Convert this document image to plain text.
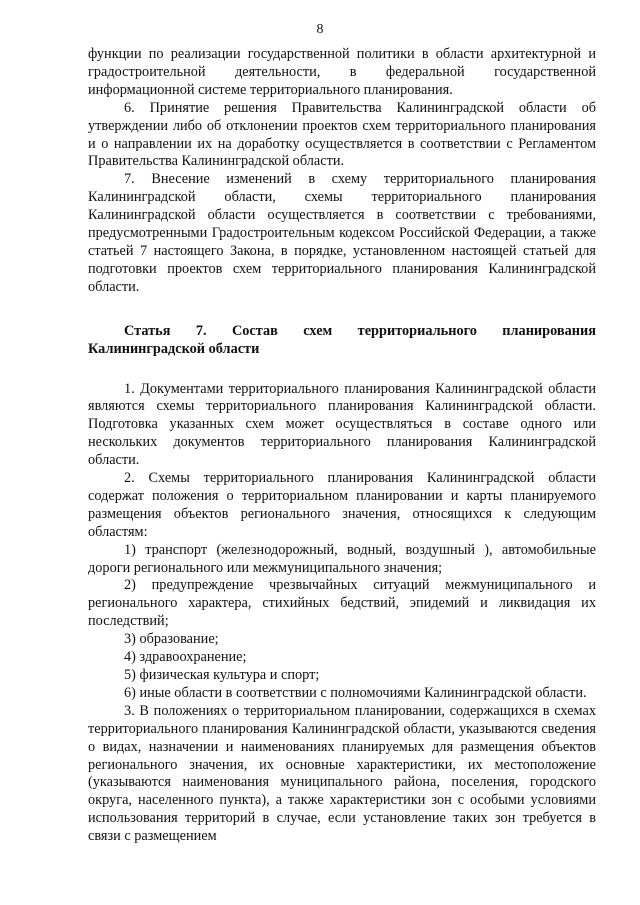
8

функции по реализации государственной политики в области архитектурной и градостроительной деятельности, в федеральной государственной информационной системе территориального планирования.

6. Принятие решения Правительства Калининградской области об утверждении либо об отклонении проектов схем территориального планирования и о направлении их на доработку осуществляется в соответствии с Регламентом Правительства Калининградской области.

7. Внесение изменений в схему территориального планирования Калининградской области, схемы территориального планирования Калининградской области осуществляется в соответствии с требованиями, предусмотренными Градостроительным кодексом Российской Федерации, а также статьей 7 настоящего Закона, в порядке, установленном настоящей статьей для подготовки проектов схем территориального планирования Калининградской области.

Статья 7. Состав схем территориального планирования Калининградской области

1. Документами территориального планирования Калининградской области являются схемы территориального планирования Калининградской области. Подготовка указанных схем может осуществляться в составе одного или нескольких документов территориального планирования Калининградской области.

2. Схемы территориального планирования Калининградской области содержат положения о территориальном планировании и карты планируемого размещения объектов регионального значения, относящихся к следующим областям:

1) транспорт (железнодорожный, водный, воздушный ), автомобильные дороги регионального или межмуниципального значения;

2) предупреждение чрезвычайных ситуаций межмуниципального и регионального характера, стихийных бедствий, эпидемий и ликвидация их последствий;

3) образование;

4) здравоохранение;

5) физическая культура и спорт;

6) иные области в соответствии с полномочиями Калининградской области.

3. В положениях о территориальном планировании, содержащихся в схемах территориального планирования Калининградской области, указываются сведения о видах, назначении и наименованиях планируемых для размещения объектов регионального значения, их основные характеристики, их местоположение (указываются наименования муниципального района, поселения, городского округа, населенного пункта), а также характеристики зон с особыми условиями использования территорий в случае, если установление таких зон требуется в связи с размещением
